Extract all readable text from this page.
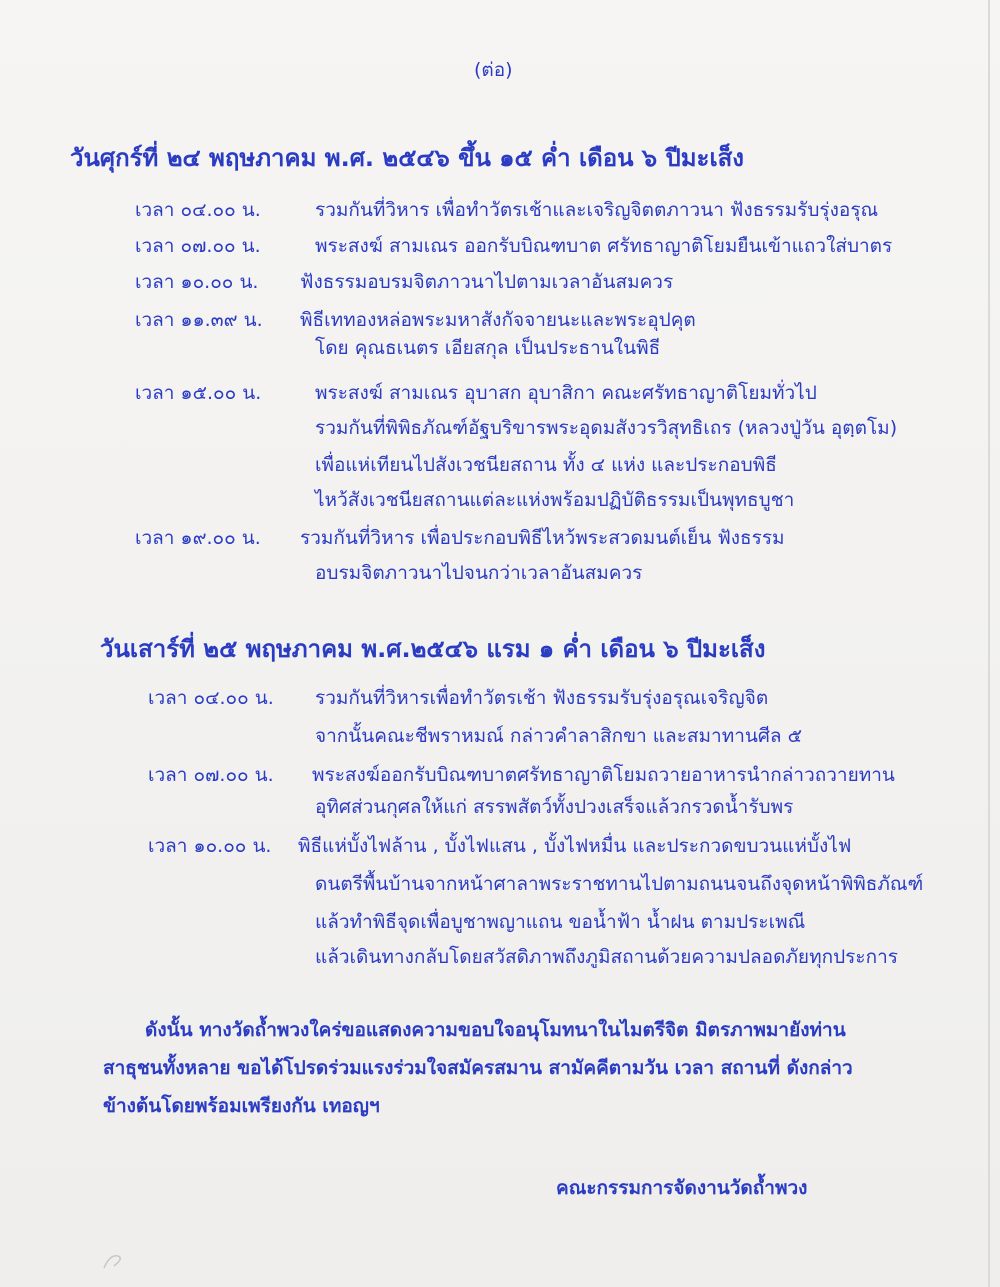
(ต่อ)
วันศุกร์ที่ ๒๔ พฤษภาคม พ.ศ. ๒๕๔๖ ขึ้น ๑๕ ค่ำ เดือน ๖ ปีมะเส็ง
เวลา ๐๔.๐๐ น.	รวมกันที่วิหาร เพื่อทำวัตรเช้าและเจริญจิตตภาวนา ฟังธรรมรับรุ่งอรุณ
เวลา ๐๗.๐๐ น.	พระสงฆ์ สามเณร ออกรับบิณฑบาต ศรัทธาญาติโยมยืนเข้าแถวใส่บาตร
เวลา ๑๐.๐๐ น. ฟังธรรมอบรมจิตภาวนาไปตามเวลาอันสมควร
เวลา ๑๑.๓๙ น. พิธีเททองหล่อพระมหาสังกัจจายนะและพระอุปคุต
โดย คุณธเนตร เอียสกุล เป็นประธานในพิธี
เวลา ๑๕.๐๐ น.	พระสงฆ์ สามเณร อุบาสก อุบาสิกา คณะศรัทธาญาติโยมทั่วไป
รวมกันที่พิพิธภัณฑ์อัฐบริขารพระอุดมสังวรวิสุทธิเถร (หลวงปู่วัน อุตฺตโม)
เพื่อแห่เทียนไปสังเวชนียสถาน ทั้ง ๔ แห่ง และประกอบพิธี
ไหว้สังเวชนียสถานแต่ละแห่งพร้อมปฏิบัติธรรมเป็นพุทธบูชา
เวลา ๑๙.๐๐ น. รวมกันที่วิหาร เพื่อประกอบพิธีไหว้พระสวดมนต์เย็น ฟังธรรม
อบรมจิตภาวนาไปจนกว่าเวลาอันสมควร
วันเสาร์ที่ ๒๕ พฤษภาคม พ.ศ.๒๕๔๖ แรม ๑ ค่ำ เดือน ๖ ปีมะเส็ง
เวลา ๐๔.๐๐ น. รวมกันที่วิหารเพื่อทำวัตรเช้า ฟังธรรมรับรุ่งอรุณเจริญจิต
จากนั้นคณะชีพราหมณ์ กล่าวคำลาสิกขา และสมาทานศีล ๕
เวลา ๐๗.๐๐ น. พระสงฆ์ออกรับบิณฑบาตศรัทธาญาติโยมถวายอาหารนำกล่าวถวายทาน
อุทิศส่วนกุศลให้แก่ สรรพสัตว์ทั้งปวงเสร็จแล้วกรวดน้ำรับพร
เวลา ๑๐.๐๐ น. พิธีแห่บั้งไฟล้าน , บั้งไฟแสน , บั้งไฟหมื่น และประกวดขบวนแห่บั้งไฟ
ดนตรีพื้นบ้านจากหน้าศาลาพระราชทานไปตามถนนจนถึงจุดหน้าพิพิธภัณฑ์
แล้วทำพิธีจุดเพื่อบูชาพญาแถน ขอน้ำฟ้า น้ำฝน ตามประเพณี
แล้วเดินทางกลับโดยสวัสดิภาพถึงภูมิสถานด้วยความปลอดภัยทุกประการ
ดังนั้น ทางวัดถ้ำพวงใคร่ขอแสดงความขอบใจอนุโมทนาในไมตรีจิต มิตรภาพมายังท่าน
สาธุชนทั้งหลาย ขอได้โปรดร่วมแรงร่วมใจสมัครสมาน สามัคคีตามวัน เวลา สถานที่ ดังกล่าว
ข้างต้นโดยพร้อมเพรียงกัน เทอญฯ
คณะกรรมการจัดงานวัดถ้ำพวง
